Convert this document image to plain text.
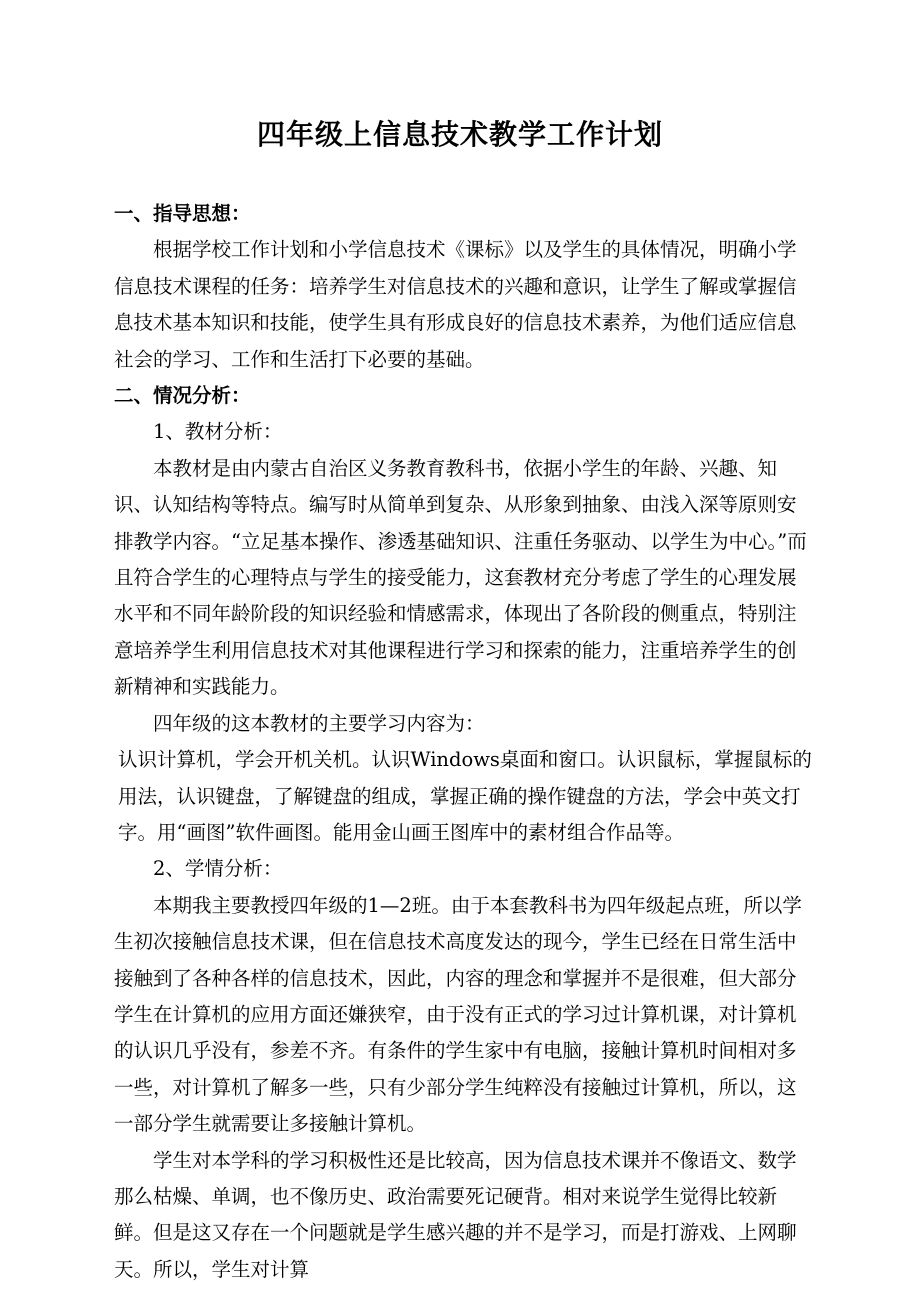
四年级上信息技术教学工作计划

一、指导思想：

根据学校工作计划和小学信息技术《课标》以及学生的具体情况，明确小学信息技术课程的任务：培养学生对信息技术的兴趣和意识，让学生了解或掌握信息技术基本知识和技能，使学生具有形成良好的信息技术素养，为他们适应信息社会的学习、工作和生活打下必要的基础。

二、情况分析：

1、教材分析：

本教材是由内蒙古自治区义务教育教科书，依据小学生的年龄、兴趣、知识、认知结构等特点。编写时从简单到复杂、从形象到抽象、由浅入深等原则安排教学内容。“立足基本操作、渗透基础知识、注重任务驱动、以学生为中心。”而且符合学生的心理特点与学生的接受能力，这套教材充分考虑了学生的心理发展水平和不同年龄阶段的知识经验和情感需求，体现出了各阶段的侧重点，特别注意培养学生利用信息技术对其他课程进行学习和探索的能力，注重培养学生的创新精神和实践能力。

四年级的这本教材的主要学习内容为：

认识计算机，学会开机关机。认识Windows桌面和窗口。认识鼠标，掌握鼠标的用法，认识键盘，了解键盘的组成，掌握正确的操作键盘的方法，学会中英文打字。用“画图”软件画图。能用金山画王图库中的素材组合作品等。

2、学情分析：

本期我主要教授四年级的1—2班。由于本套教科书为四年级起点班，所以学生初次接触信息技术课，但在信息技术高度发达的现今，学生已经在日常生活中接触到了各种各样的信息技术，因此，内容的理念和掌握并不是很难，但大部分学生在计算机的应用方面还嫌狭窄，由于没有正式的学习过计算机课，对计算机的认识几乎没有，参差不齐。有条件的学生家中有电脑，接触计算机时间相对多一些，对计算机了解多一些，只有少部分学生纯粹没有接触过计算机，所以，这一部分学生就需要让多接触计算机。

学生对本学科的学习积极性还是比较高，因为信息技术课并不像语文、数学那么枯燥、单调，也不像历史、政治需要死记硬背。相对来说学生觉得比较新鲜。但是这又存在一个问题就是学生感兴趣的并不是学习，而是打游戏、上网聊天。所以，学生对计算
